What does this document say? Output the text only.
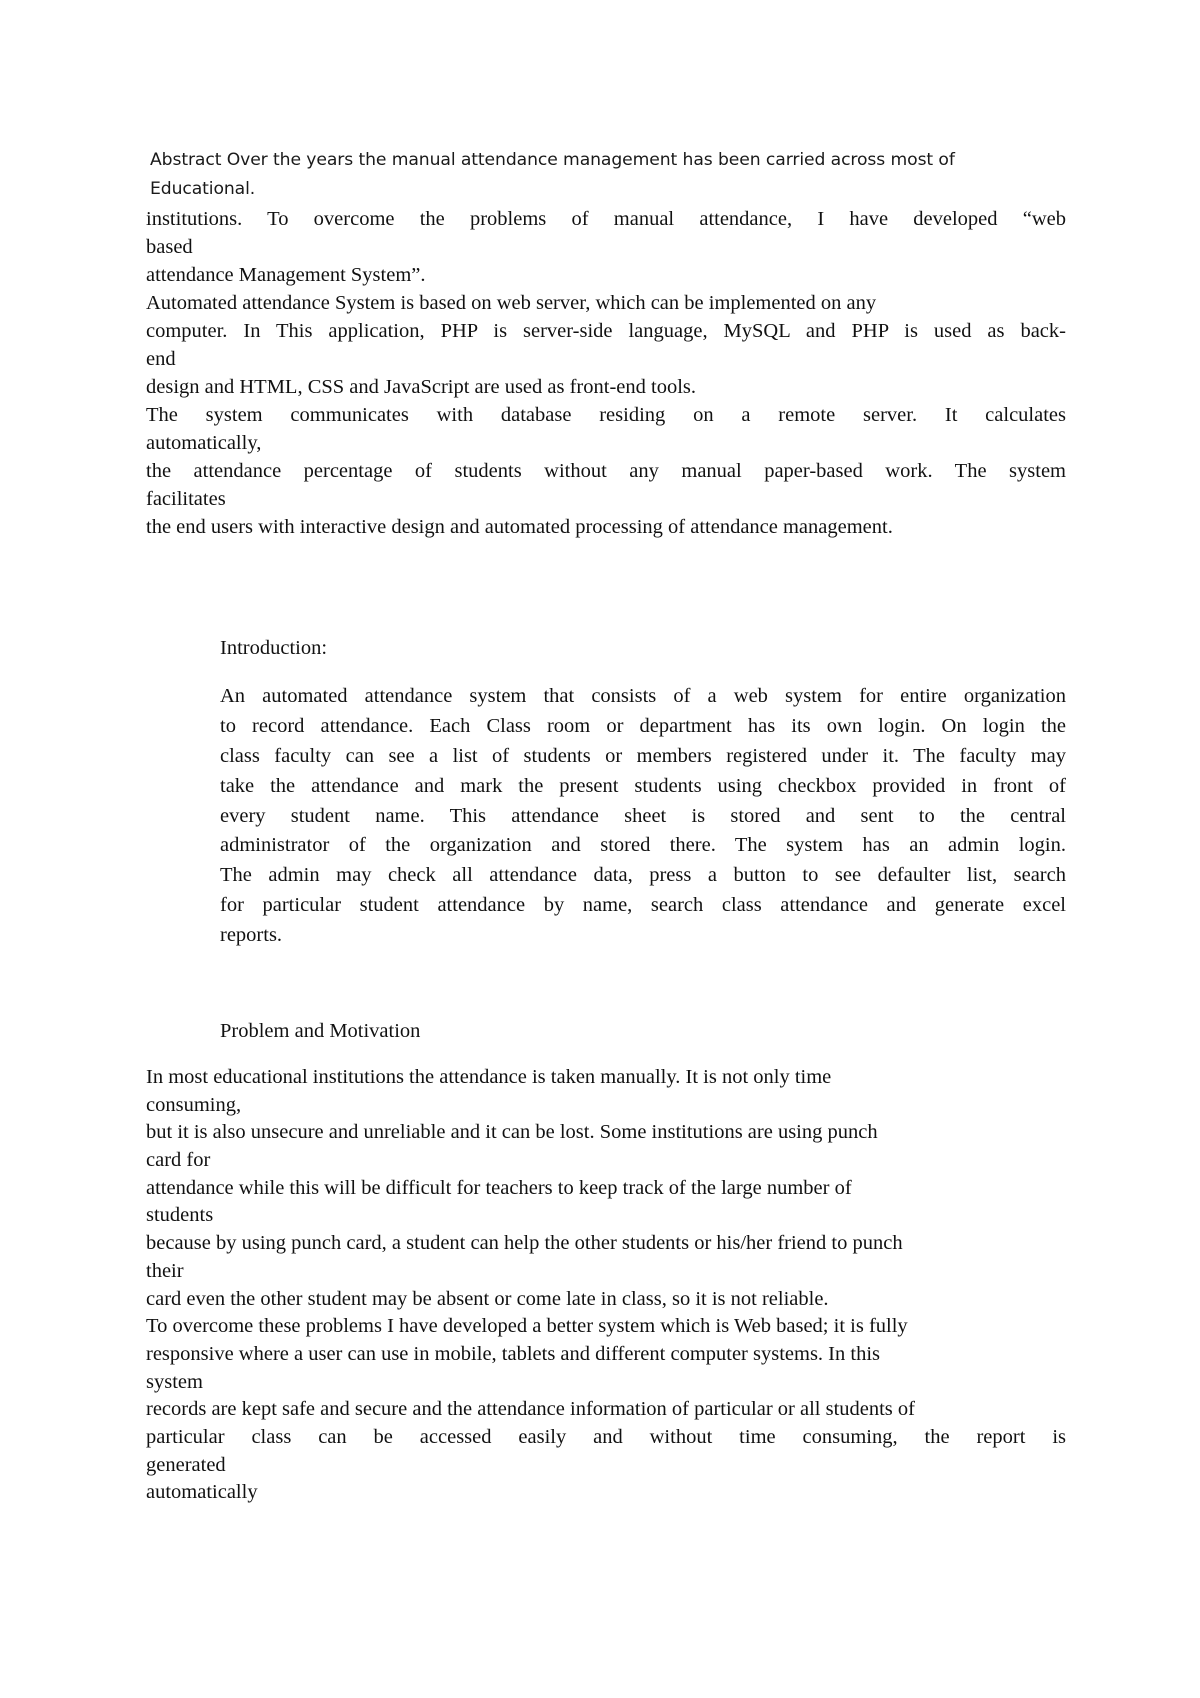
Abstract Over the years the manual attendance management has been carried across most of
Educational.
institutions. To overcome the problems of manual attendance, I have developed “web
based
attendance Management System”.
Automated attendance System is based on web server, which can be implemented on any
computer. In This application, PHP is server-side language, MySQL and PHP is used as back-
end
design and HTML, CSS and JavaScript are used as front-end tools.
The system communicates with database residing on a remote server. It calculates
automatically,
the attendance percentage of students without any manual paper-based work. The system
facilitates
the end users with interactive design and automated processing of attendance management.
Introduction:
An automated attendance system that consists of a web system for entire organization
to record attendance. Each Class room or department has its own login. On login the
class faculty can see a list of students or members registered under it. The faculty may
take the attendance and mark the present students using checkbox provided in front of
every student name. This attendance sheet is stored and sent to the central
administrator of the organization and stored there. The system has an admin login.
The admin may check all attendance data, press a button to see defaulter list, search
for particular student attendance by name, search class attendance and generate excel
reports.
Problem and Motivation
In most educational institutions the attendance is taken manually. It is not only time
consuming,
but it is also unsecure and unreliable and it can be lost. Some institutions are using punch
card for
attendance while this will be difficult for teachers to keep track of the large number of
students
because by using punch card, a student can help the other students or his/her friend to punch
their
card even the other student may be absent or come late in class, so it is not reliable.
To overcome these problems I have developed a better system which is Web based; it is fully
responsive where a user can use in mobile, tablets and different computer systems. In this
system
records are kept safe and secure and the attendance information of particular or all students of
particular class can be accessed easily and without time consuming, the report is
generated
automatically
